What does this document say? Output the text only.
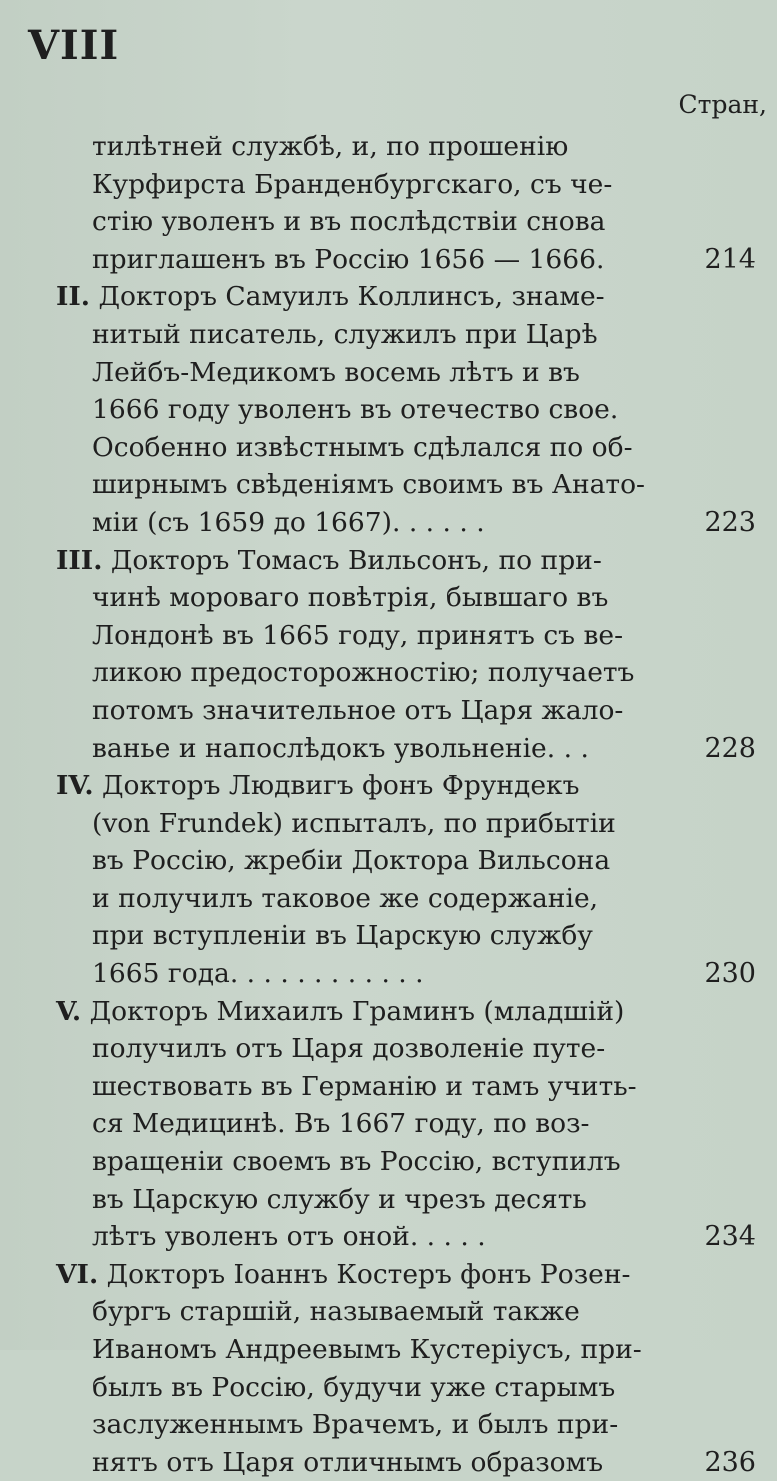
VIII
Стран,
тилѣтней службѣ, и, по прошенію
Курфирста Бранденбургскаго, съ че-
стію уволенъ и въ послѣдствіи снова
приглашенъ въ Россію 1656 — 1666.	214
II. Докторъ Самуилъ Коллинсъ, знаме-
нитый писатель, служилъ при Царѣ
Лейбъ-Медикомъ восемь лѣтъ и въ
1666 году уволенъ въ отечество свое.
Особенно извѣстнымъ сдѣлался по об-
ширнымъ свѣденіямъ своимъ въ Анато-
міи (съ 1659 до 1667). . . . . .	223
III. Докторъ Томасъ Вильсонъ, по при-
чинѣ мороваго повѣтрія, бывшаго въ
Лондонѣ въ 1665 году, принятъ съ ве-
ликою предосторожностію; получаетъ
потомъ значительное отъ Царя жало-
ванье и напослѣдокъ увольненіе. . .	228
IV. Докторъ Людвигъ фонъ Фрундекъ
(von Frundek) испыталъ, по прибытіи
въ Россію, жребіи Доктора Вильсона
и получилъ таковое же содержаніе,
при вступленіи въ Царскую службу
1665 года. . . . . . . . . . . .	230
V. Докторъ Михаилъ Граминъ (младшій)
получилъ отъ Царя дозволеніе путе-
шествовать въ Германію и тамъ учить-
ся Медицинѣ. Въ 1667 году, по воз-
вращеніи своемъ въ Россію, вступилъ
въ Царскую службу и чрезъ десять
лѣтъ уволенъ отъ оной. . . . .	234
VI. Докторъ Іоаннъ Костеръ фонъ Розен-
бургъ старшій, называемый также
Иваномъ Андреевымъ Кустеріусъ, при-
былъ въ Россію, будучи уже старымъ
заслуженнымъ Врачемъ, и былъ при-
нятъ отъ Царя отличнымъ образомъ	236
